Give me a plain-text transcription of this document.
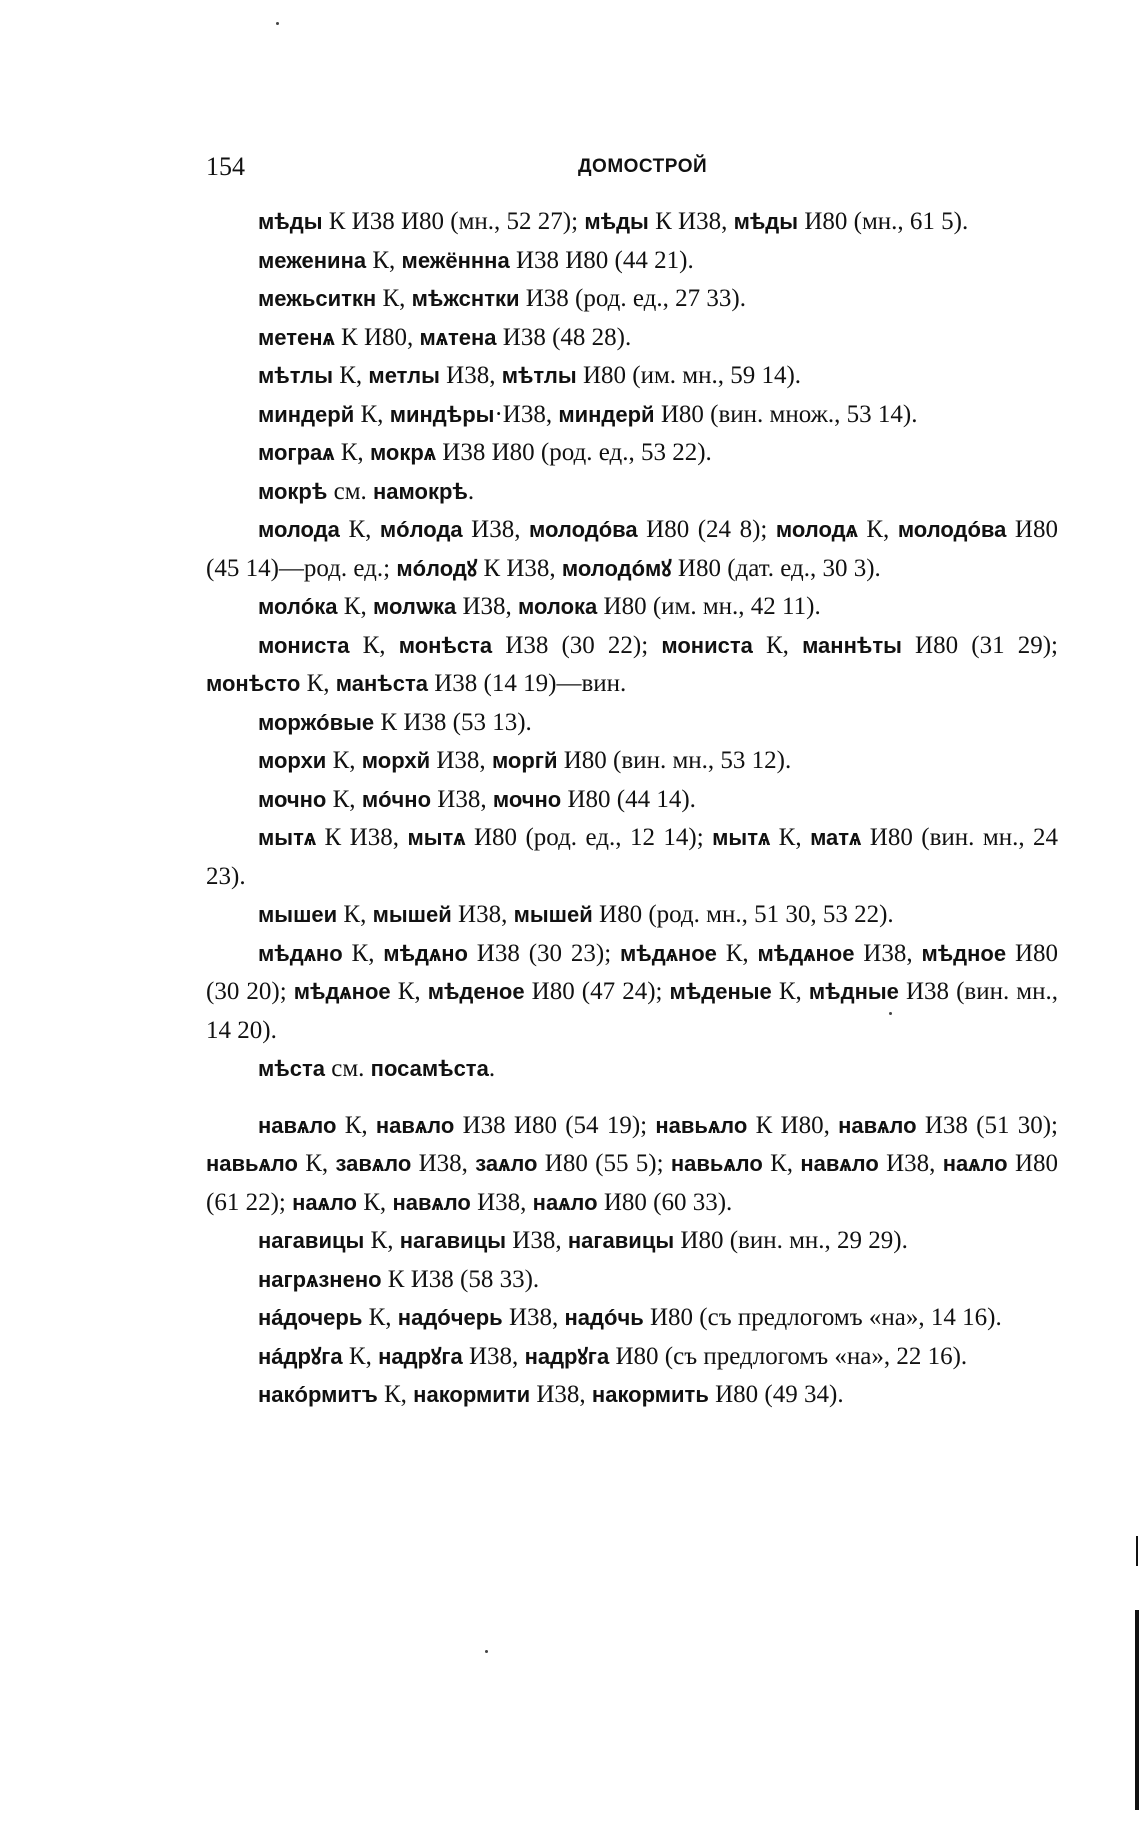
154	ДОМОСТРОЙ

мѣды К И38 И80 (мн., 52 27); мѣды К И38, мѣды И80 (мн., 61 5).

меженина К, межённна И38 И80 (44 21).

межьситкн К, мѣжснтки И38 (род. ед., 27 33).

метенѧ К И80, мѧтена И38 (48 28).

мѣтлы К, метлы И38, мѣтлы И80 (им. мн., 59 14).

миндерй К, миндѣры·И38, миндерй И80 (вин. множ., 53 14).

мограѧ К, мокрѧ И38 И80 (род. ед., 53 22).

мокрѣ см. намокрѣ.

молода К, мóлода И38, молодóва И80 (24 8); молодѧ К, молодóва И80 (45 14)—род. ед.; мóлодꙋ К И38, молодóмꙋ И80 (дат. ед., 30 3).

молóка К, молѡка И38, молока И80 (им. мн., 42 11).

мониста К, монѣста И38 (30 22); мониста К, маннѣты И80 (31 29); монѣсто К, манѣста И38 (14 19)—вин.

моржóвые К И38 (53 13).

морхи К, морхй И38, моргй И80 (вин. мн., 53 12).

мочно К, мóчно И38, мочно И80 (44 14).

мытѧ К И38, мытѧ И80 (род. ед., 12 14); мытѧ К, матѧ И80 (вин. мн., 24 23).

мышеи К, мышей И38, мышей И80 (род. мн., 51 30, 53 22).

мѣдѧно К, мѣдѧно И38 (30 23); мѣдѧное К, мѣдѧное И38, мѣдное И80 (30 20); мѣдѧное К, мѣденое И80 (47 24); мѣденые К, мѣдные И38 (вин. мн., 14 20).

мѣста см. посамѣста.

навѧло К, навѧло И38 И80 (54 19); навьѧло К И80, навѧло И38 (51 30); навьѧло К, завѧло И38, заѧло И80 (55 5); навьѧло К, навѧло И38, наѧло И80 (61 22); наѧло К, навѧло И38, наѧло И80 (60 33).

нагавицы К, нагавицы И38, нагавицы И80 (вин. мн., 29 29).

нагрѧзнено К И38 (58 33).

нáдочерь К, надóчерь И38, надóчь И80 (съ предлогомъ «на», 14 16).

нáдрꙋга К, надрꙋга И38, надрꙋга И80 (съ предлогомъ «на», 22 16).

накóрмитъ К, накормити И38, накормить И80 (49 34).
